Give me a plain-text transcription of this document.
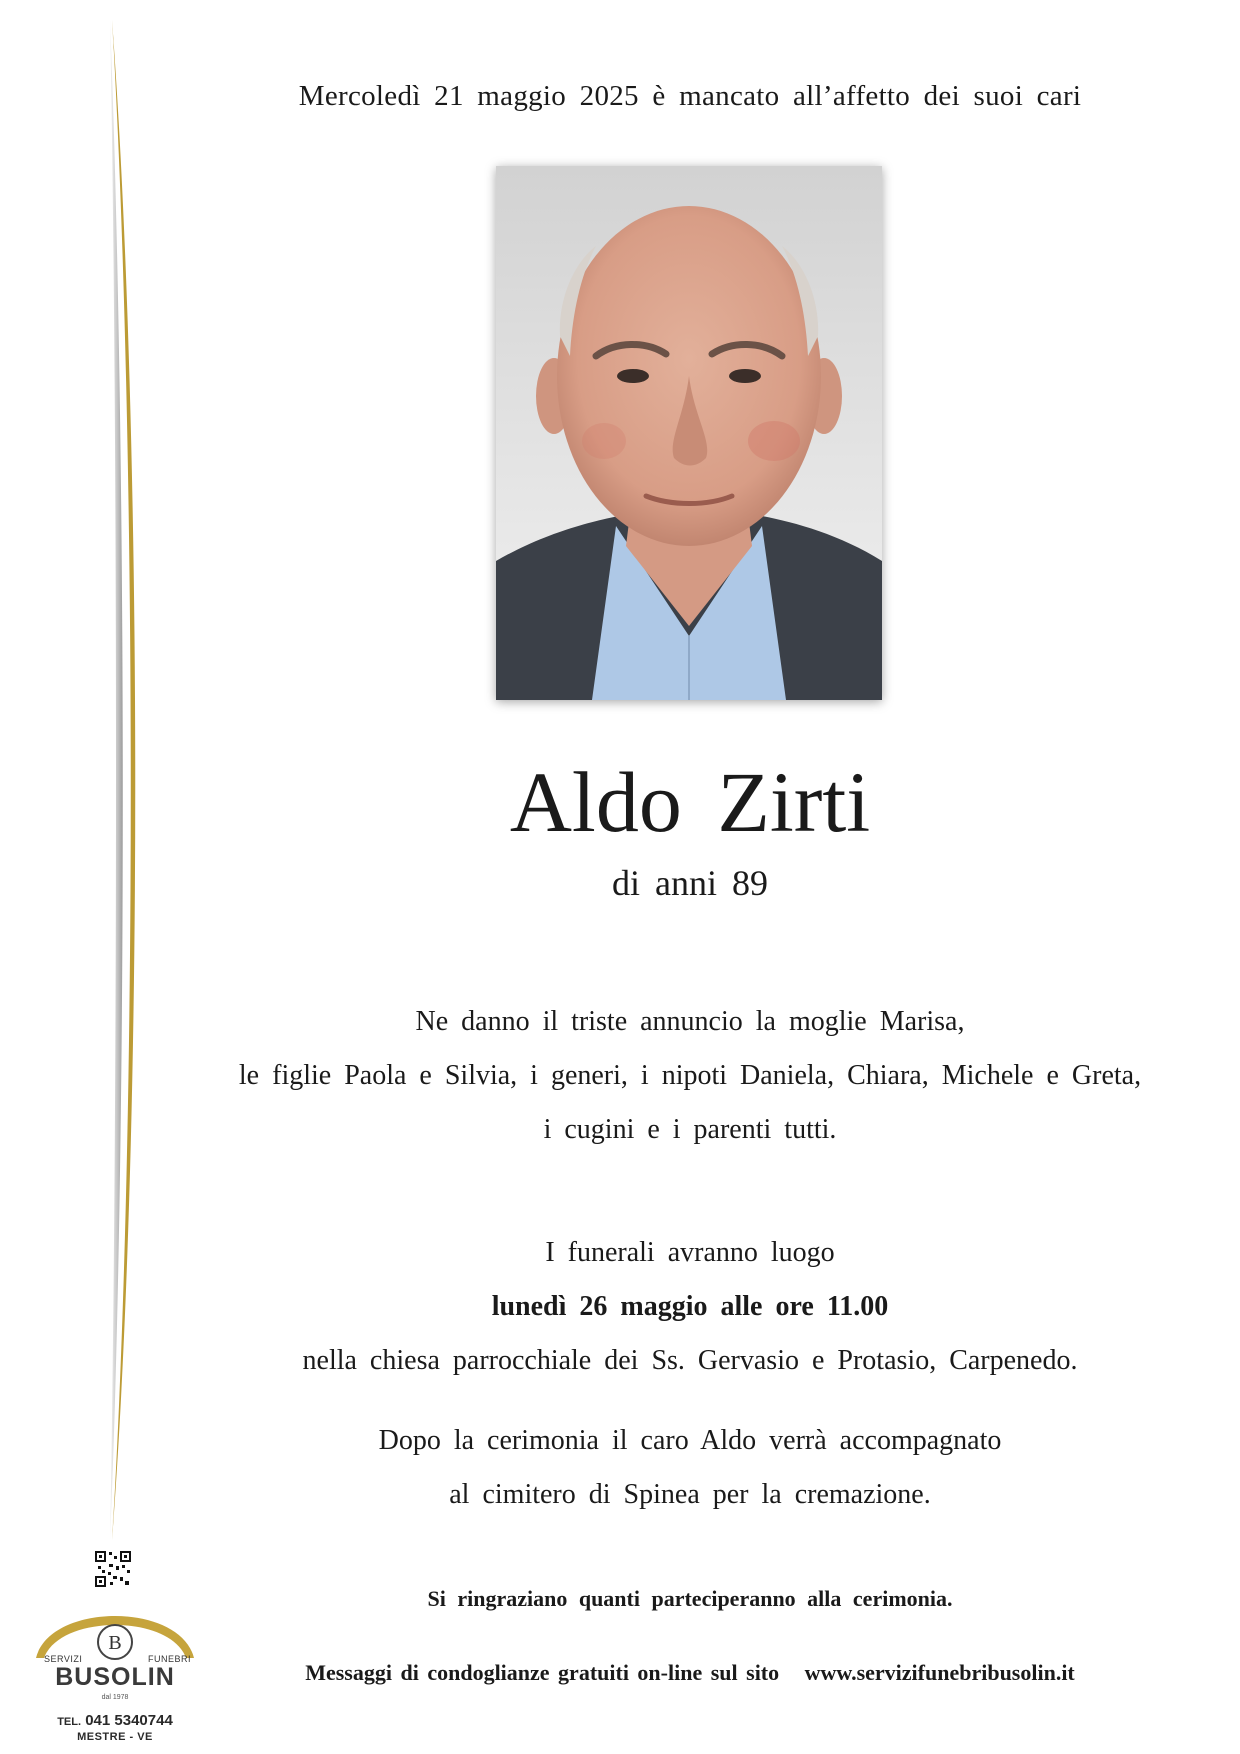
Mercoledì 21 maggio 2025 è mancato all’affetto dei suoi cari
Aldo Zirti
di anni 89
Ne danno il triste annuncio la moglie Marisa,
le figlie Paola e Silvia, i generi, i nipoti Daniela, Chiara, Michele e Greta,
i cugini e i parenti tutti.
I funerali avranno luogo
lunedì 26 maggio alle ore 11.00
nella chiesa parrocchiale dei Ss. Gervasio e Protasio, Carpenedo.
Dopo la cerimonia il caro Aldo verrà accompagnato
al cimitero di Spinea per la cremazione.
Si ringraziano quanti parteciperanno alla cerimonia.
Messaggi di condoglianze gratuiti on-line sul sito   www.servizifunebribusolin.it
B
SERVIZI	FUNEBRI
BUSOLIN
dal 1978
TEL. 041 5340744
MESTRE - VE
